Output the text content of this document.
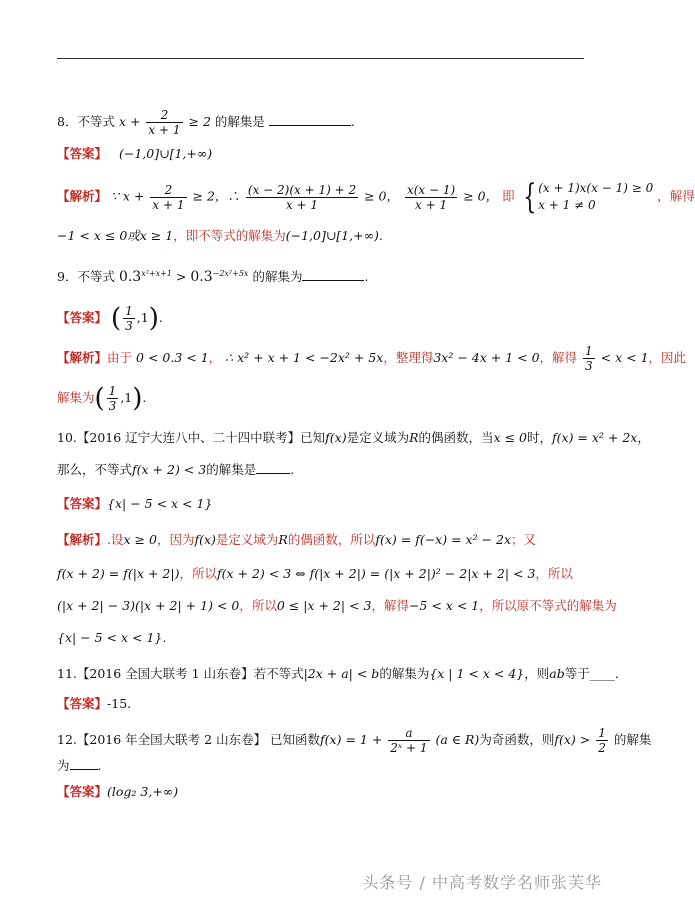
8．不等式 $x + \frac{2}{x + 1} \ge 2$ 的解集是	.
【答案】 (−1,0]∪[1,+∞)
【解析】 ∵ $x + \frac{2}{x + 1} \ge 2$，∴ $\frac{(x - 2)(x + 1) + 2}{x + 1} \ge 0$， $\frac{x(x - 1)}{x + 1} \ge 0$， 即 { (x + 1)x(x − 1) ≥ 0
x + 1 ≠ 0
，解得
−1 < x ≤ 0或x ≥ 1，即不等式的解集为(−1,0]∪[1,+∞).
9．不等式 $0.3^{x^2+x+1} > 0.3^{-2x^2+5x}$ 的解集为	.
【答案】 ( $\frac{1}{3} ,1$).
【解析】由于 0 < 0.3 < 1， ∴ x² + x + 1 < −2x² + 5x，整理得3x² − 4x + 1 < 0，解得 $\frac{1}{3} < x < 1$，因此
解集为( $\frac{1}{3} ,1$).
10.【2016 辽宁大连八中、二十四中联考】已知f(x)是定义域为R的偶函数，当x ≤ 0时，f(x) = x² + 2x，
那么，不等式f(x + 2) < 3的解集是	.
【答案】{x| − 5 < x < 1}
【解析】.设x ≥ 0，因为f(x)是定义域为R的偶函数，所以f(x) = f(−x) = x² − 2x；又
f(x + 2) = f(|x + 2|)，所以f(x + 2) < 3 ⇔ f(|x + 2|) = (|x + 2|)² − 2|x + 2| < 3，所以
(|x + 2| − 3)(|x + 2| + 1) < 0，所以0 ≤ |x + 2| < 3，解得−5 < x < 1，所以原不等式的解集为
{x| − 5 < x < 1}.
11.【2016 全国大联考 1 山东卷】若不等式|2x + a| < b的解集为{x | 1 < x < 4}，则ab等于____.
【答案】-15.
12.【2016 年全国大联考 2 山东卷】 已知函数$f(x) = 1 + \frac{a}{\text{2ˣ + 1}} (a$ ∈ R)为奇函数，则$f(x) > \frac{1}{2}$ 的解集
为 .
【答案】(log₂ 3,+∞)
头条号 / 中高考数学名师张芙华
